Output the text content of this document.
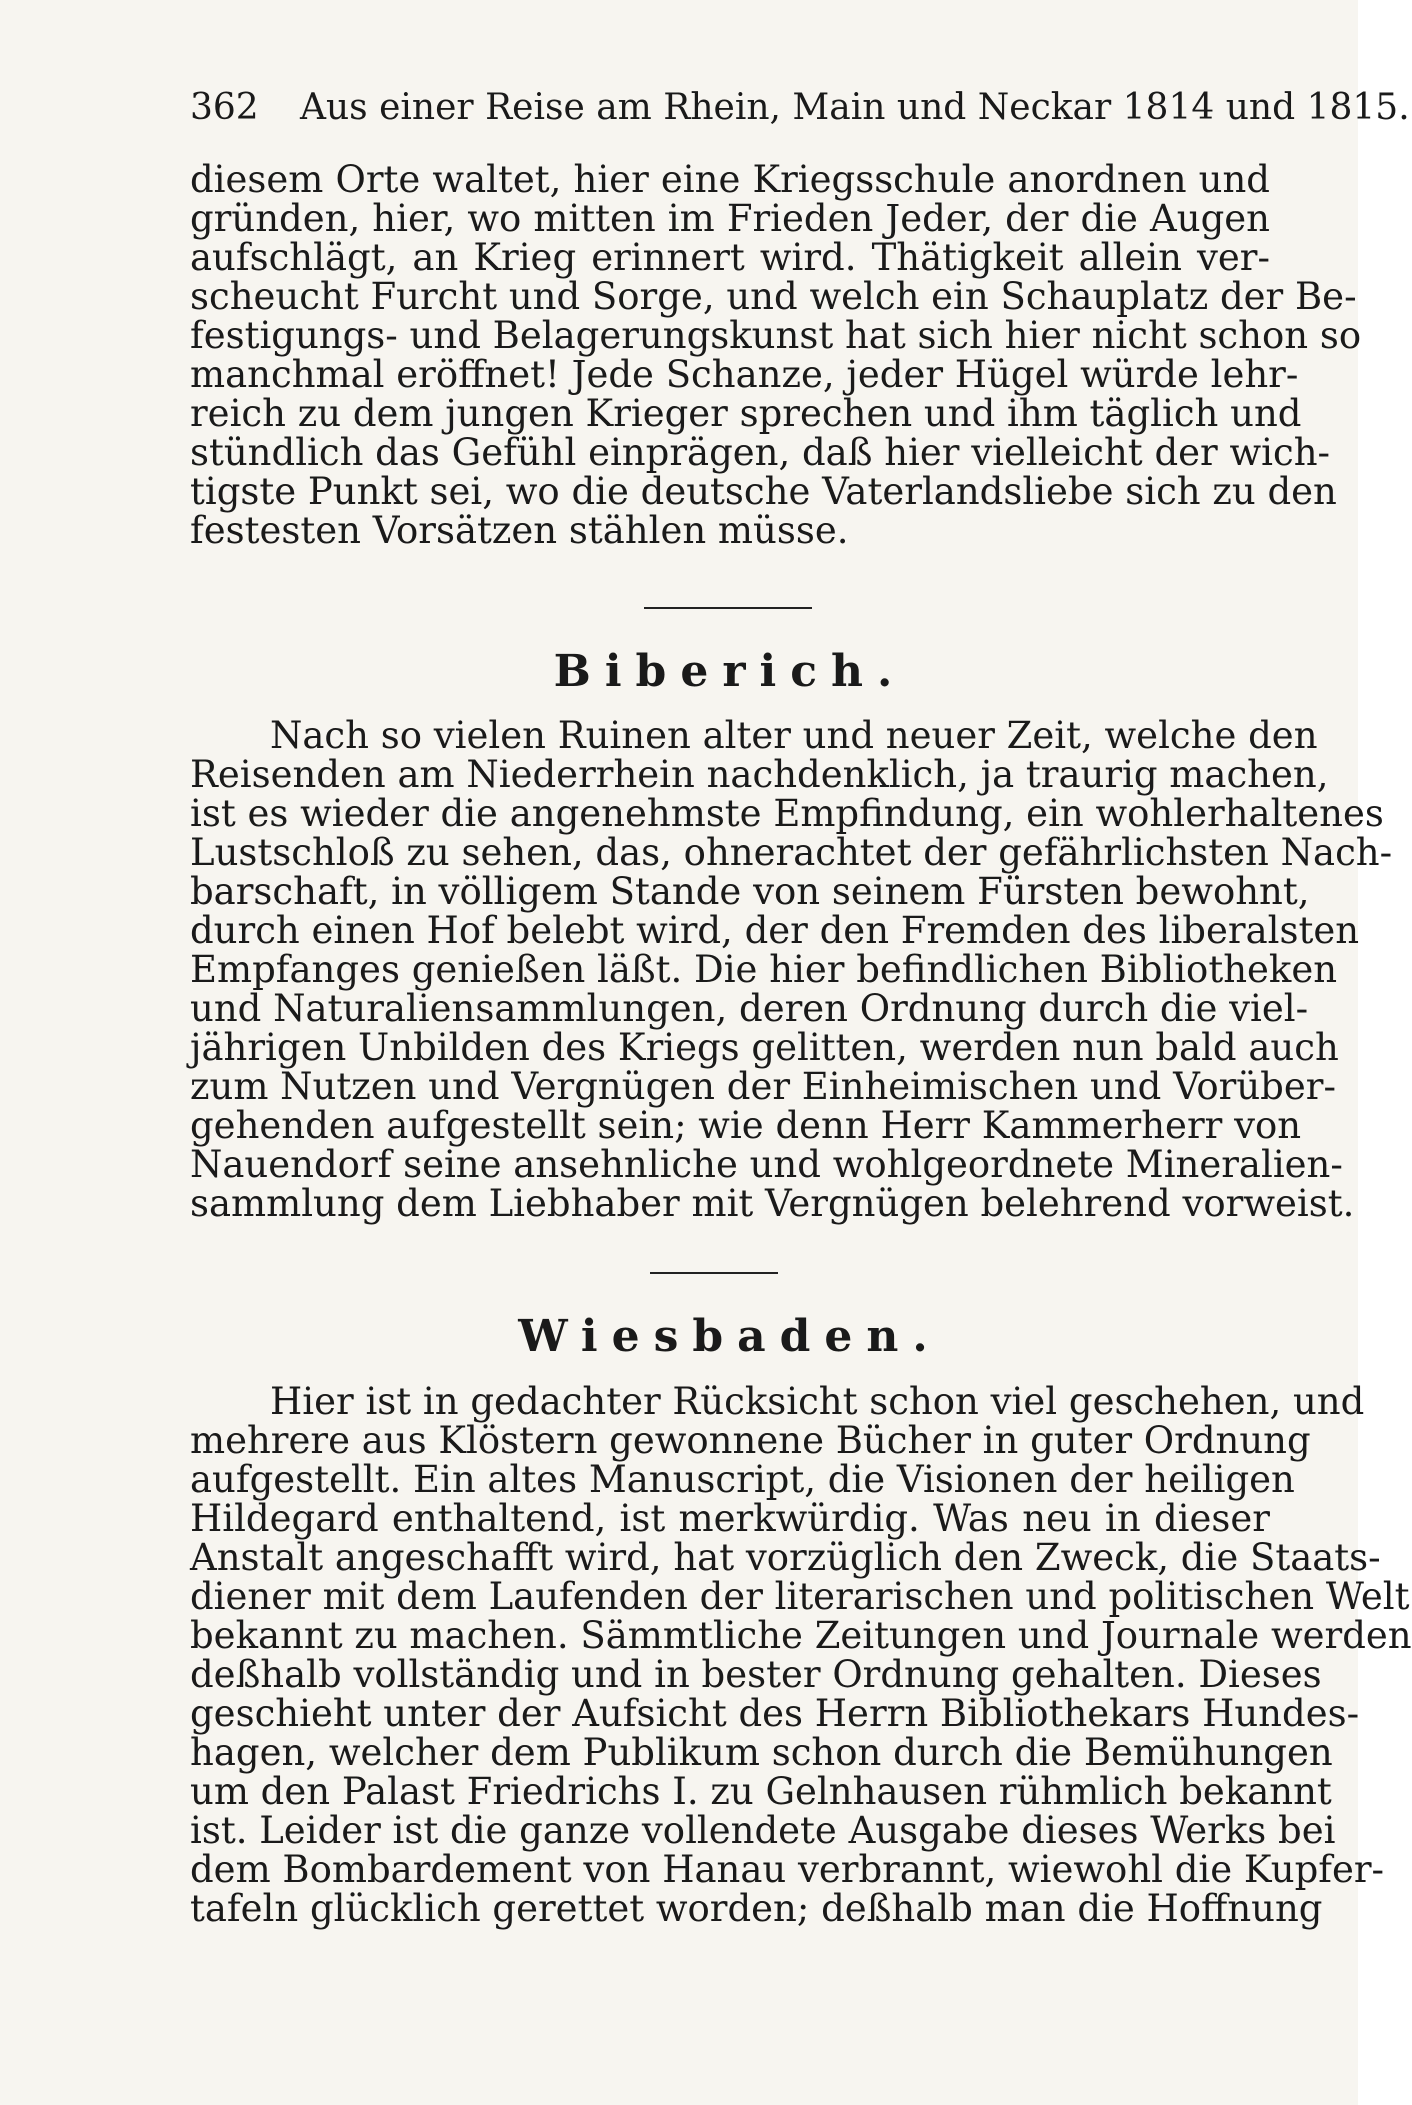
362 Aus einer Reise am Rhein, Main und Neckar 1814 und 1815.
diesem Orte waltet, hier eine Kriegsschule anordnen und
gründen, hier, wo mitten im Frieden Jeder, der die Augen
aufschlägt, an Krieg erinnert wird. Thätigkeit allein ver-
scheucht Furcht und Sorge, und welch ein Schauplatz der Be-
festigungs- und Belagerungskunst hat sich hier nicht schon so
manchmal eröffnet! Jede Schanze, jeder Hügel würde lehr-
reich zu dem jungen Krieger sprechen und ihm täglich und
stündlich das Gefühl einprägen, daß hier vielleicht der wich-
tigste Punkt sei, wo die deutsche Vaterlandsliebe sich zu den
festesten Vorsätzen stählen müsse.
Biberich.
Nach so vielen Ruinen alter und neuer Zeit, welche den
Reisenden am Niederrhein nachdenklich, ja traurig machen,
ist es wieder die angenehmste Empfindung, ein wohlerhaltenes
Lustschloß zu sehen, das, ohnerachtet der gefährlichsten Nach-
barschaft, in völligem Stande von seinem Fürsten bewohnt,
durch einen Hof belebt wird, der den Fremden des liberalsten
Empfanges genießen läßt. Die hier befindlichen Bibliotheken
und Naturaliensammlungen, deren Ordnung durch die viel-
jährigen Unbilden des Kriegs gelitten, werden nun bald auch
zum Nutzen und Vergnügen der Einheimischen und Vorüber-
gehenden aufgestellt sein; wie denn Herr Kammerherr von
Nauendorf seine ansehnliche und wohlgeordnete Mineralien-
sammlung dem Liebhaber mit Vergnügen belehrend vorweist.
Wiesbaden.
Hier ist in gedachter Rücksicht schon viel geschehen, und
mehrere aus Klöstern gewonnene Bücher in guter Ordnung
aufgestellt. Ein altes Manuscript, die Visionen der heiligen
Hildegard enthaltend, ist merkwürdig. Was neu in dieser
Anstalt angeschafft wird, hat vorzüglich den Zweck, die Staats-
diener mit dem Laufenden der literarischen und politischen Welt
bekannt zu machen. Sämmtliche Zeitungen und Journale werden
deßhalb vollständig und in bester Ordnung gehalten. Dieses
geschieht unter der Aufsicht des Herrn Bibliothekars Hundes-
hagen, welcher dem Publikum schon durch die Bemühungen
um den Palast Friedrichs I. zu Gelnhausen rühmlich bekannt
ist. Leider ist die ganze vollendete Ausgabe dieses Werks bei
dem Bombardement von Hanau verbrannt, wiewohl die Kupfer-
tafeln glücklich gerettet worden; deßhalb man die Hoffnung
